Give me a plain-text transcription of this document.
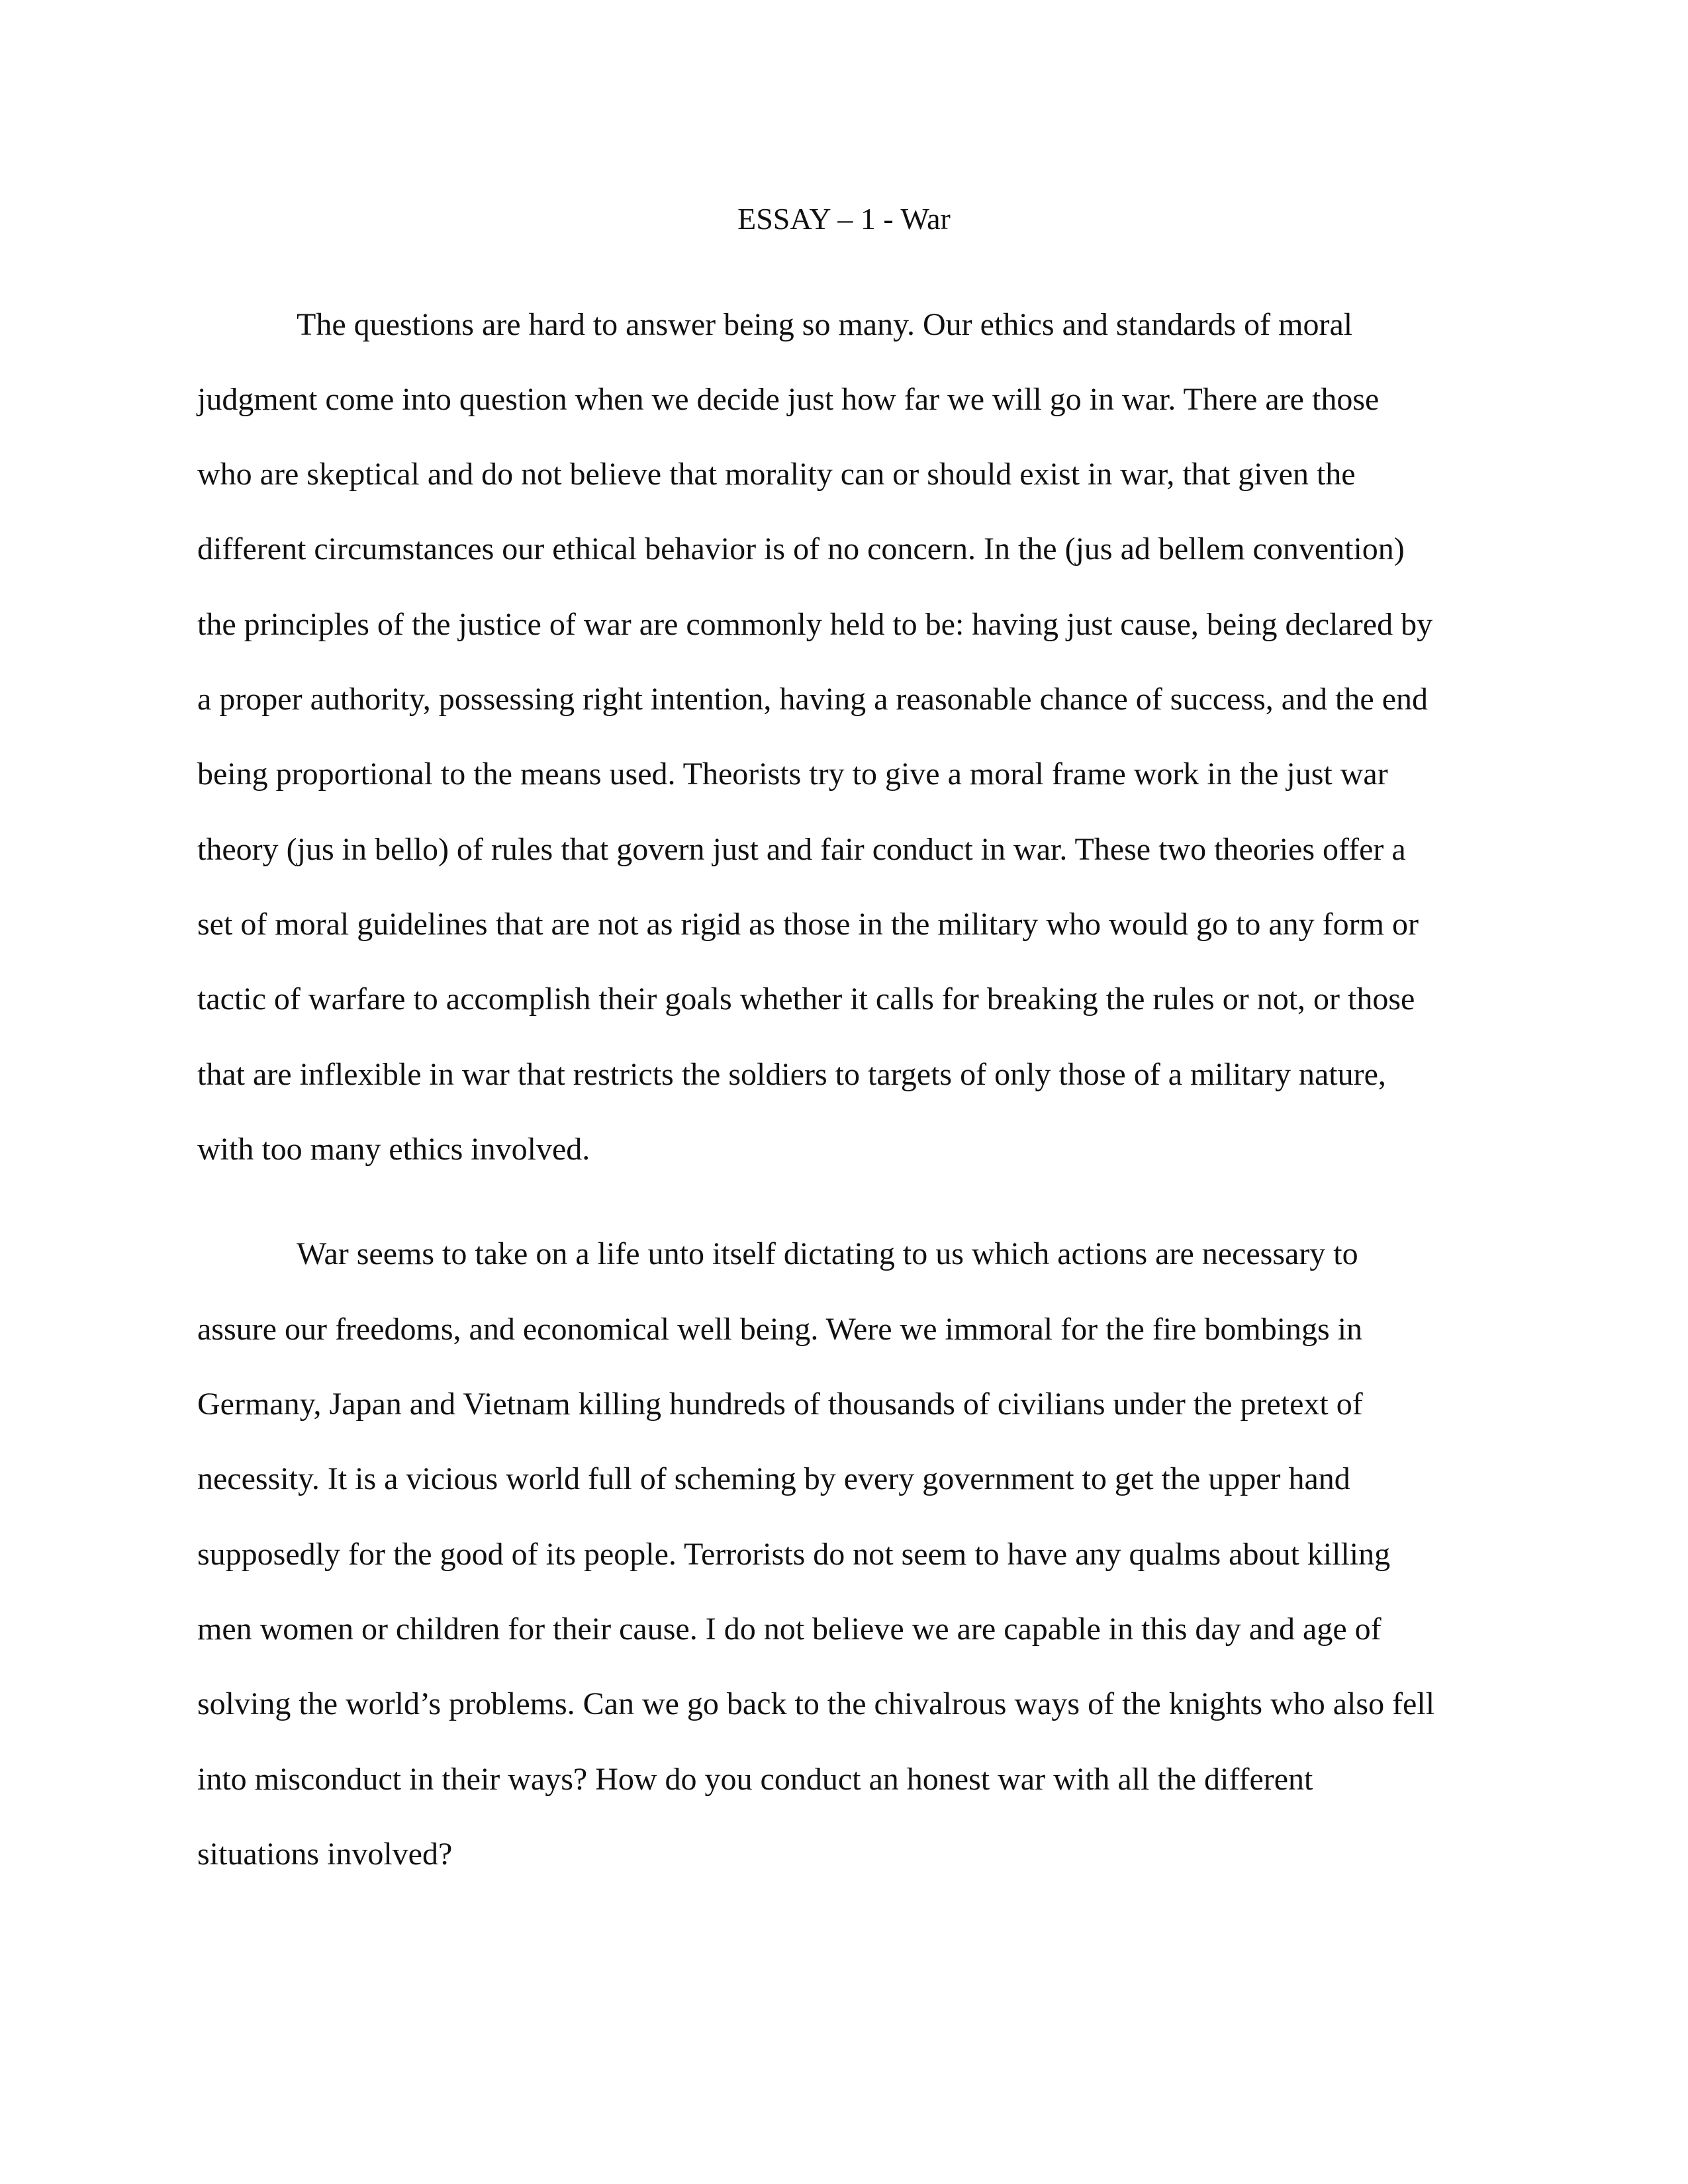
ESSAY – 1 - War
The questions are hard to answer being so many. Our ethics and standards of moral
judgment come into question when we decide just how far we will go in war. There are those
who are skeptical and do not believe that morality can or should exist in war, that given the
different circumstances our ethical behavior is of no concern. In the (jus ad bellem convention)
the principles of the justice of war are commonly held to be: having just cause, being declared by
a proper authority, possessing right intention, having a reasonable chance of success, and the end
being proportional to the means used. Theorists try to give a moral frame work in the just war
theory (jus in bello) of rules that govern just and fair conduct in war. These two theories offer a
set of moral guidelines that are not as rigid as those in the military who would go to any form or
tactic of warfare to accomplish their goals whether it calls for breaking the rules or not, or those
that are inflexible in war that restricts the soldiers to targets of only those of a military nature,
with too many ethics involved.
War seems to take on a life unto itself dictating to us which actions are necessary to
assure our freedoms, and economical well being. Were we immoral for the fire bombings in
Germany, Japan and Vietnam killing hundreds of thousands of civilians under the pretext of
necessity. It is a vicious world full of scheming by every government to get the upper hand
supposedly for the good of its people. Terrorists do not seem to have any qualms about killing
men women or children for their cause. I do not believe we are capable in this day and age of
solving the world’s problems. Can we go back to the chivalrous ways of the knights who also fell
into misconduct in their ways? How do you conduct an honest war with all the different
situations involved?
